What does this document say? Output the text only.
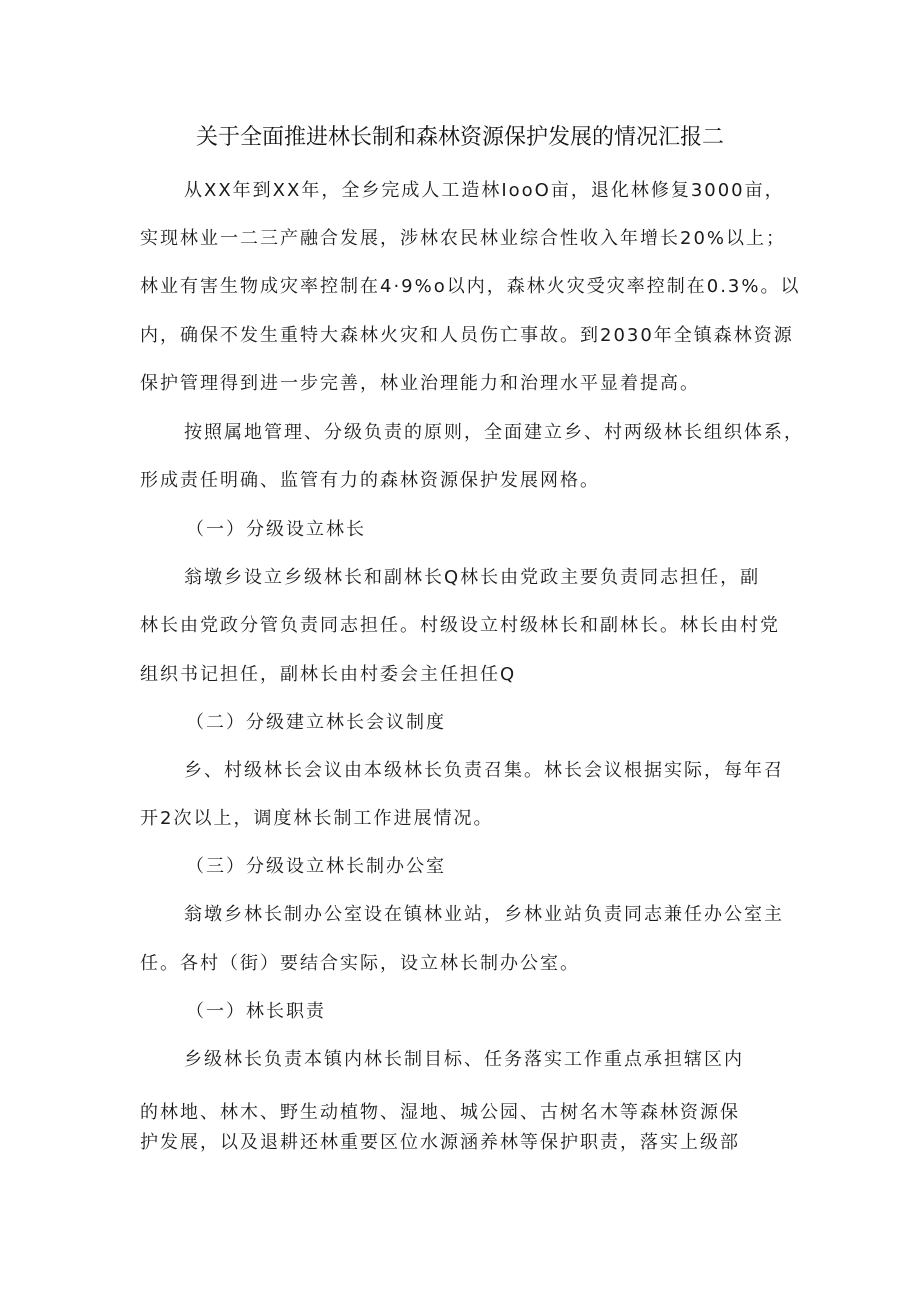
关于全面推进林长制和森林资源保护发展的情况汇报二
从XX年到XX年，全乡完成人工造林IooO亩，退化林修复3000亩，
实现林业一二三产融合发展，涉林农民林业综合性收入年增长20%以上；
林业有害生物成灾率控制在4·9%o以内，森林火灾受灾率控制在0.3%。以
内，确保不发生重特大森林火灾和人员伤亡事故。到2030年全镇森林资源
保护管理得到进一步完善，林业治理能力和治理水平显着提高。
按照属地管理、分级负责的原则，全面建立乡、村两级林长组织体系，
形成责任明确、监管有力的森林资源保护发展网格。
（一）分级设立林长
翁墩乡设立乡级林长和副林长Q林长由党政主要负责同志担任，副
林长由党政分管负责同志担任。村级设立村级林长和副林长。林长由村党
组织书记担任，副林长由村委会主任担任Q
（二）分级建立林长会议制度
乡、村级林长会议由本级林长负责召集。林长会议根据实际，每年召
开2次以上，调度林长制工作进展情况。
（三）分级设立林长制办公室
翁墩乡林长制办公室设在镇林业站，乡林业站负责同志兼任办公室主
任。各村（街）要结合实际，设立林长制办公室。
（一）林长职责
乡级林长负责本镇内林长制目标、任务落实工作重点承担辖区内
的林地、林木、野生动植物、湿地、城公园、古树名木等森林资源保
护发展，以及退耕还林重要区位水源涵养林等保护职责，落实上级部
